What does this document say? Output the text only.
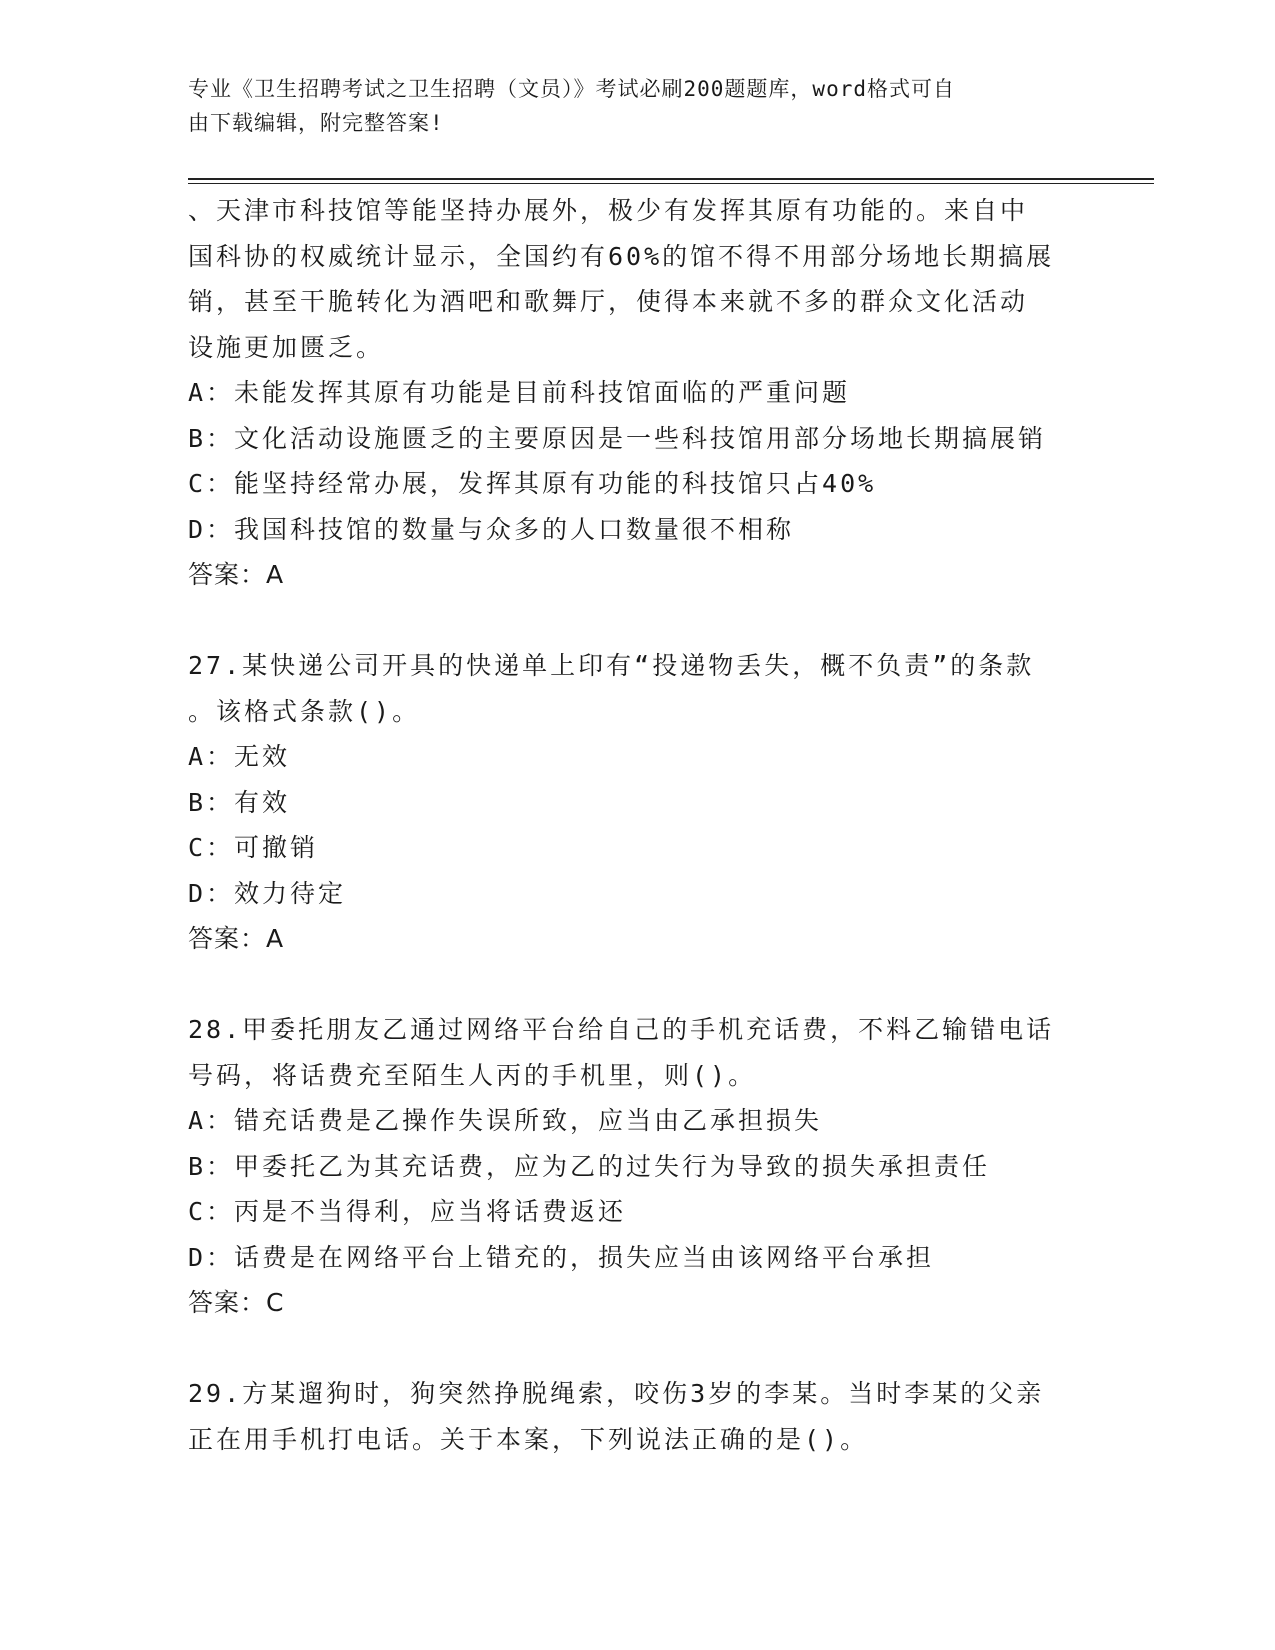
专业《卫生招聘考试之卫生招聘（文员）》考试必刷200题题库，word格式可自
由下载编辑，附完整答案!
、天津市科技馆等能坚持办展外，极少有发挥其原有功能的。来自中
国科协的权威统计显示，全国约有60%的馆不得不用部分场地长期搞展
销，甚至干脆转化为酒吧和歌舞厅，使得本来就不多的群众文化活动
设施更加匮乏。
A：未能发挥其原有功能是目前科技馆面临的严重问题
B：文化活动设施匮乏的主要原因是一些科技馆用部分场地长期搞展销
C：能坚持经常办展，发挥其原有功能的科技馆只占40%
D：我国科技馆的数量与众多的人口数量很不相称
答案：A
27.某快递公司开具的快递单上印有“投递物丢失，概不负责”的条款
。该格式条款()。
A：无效
B：有效
C：可撤销
D：效力待定
答案：A
28.甲委托朋友乙通过网络平台给自己的手机充话费，不料乙输错电话
号码，将话费充至陌生人丙的手机里，则()。
A：错充话费是乙操作失误所致，应当由乙承担损失
B：甲委托乙为其充话费，应为乙的过失行为导致的损失承担责任
C：丙是不当得利，应当将话费返还
D：话费是在网络平台上错充的，损失应当由该网络平台承担
答案：C
29.方某遛狗时，狗突然挣脱绳索，咬伤3岁的李某。当时李某的父亲
正在用手机打电话。关于本案，下列说法正确的是()。
